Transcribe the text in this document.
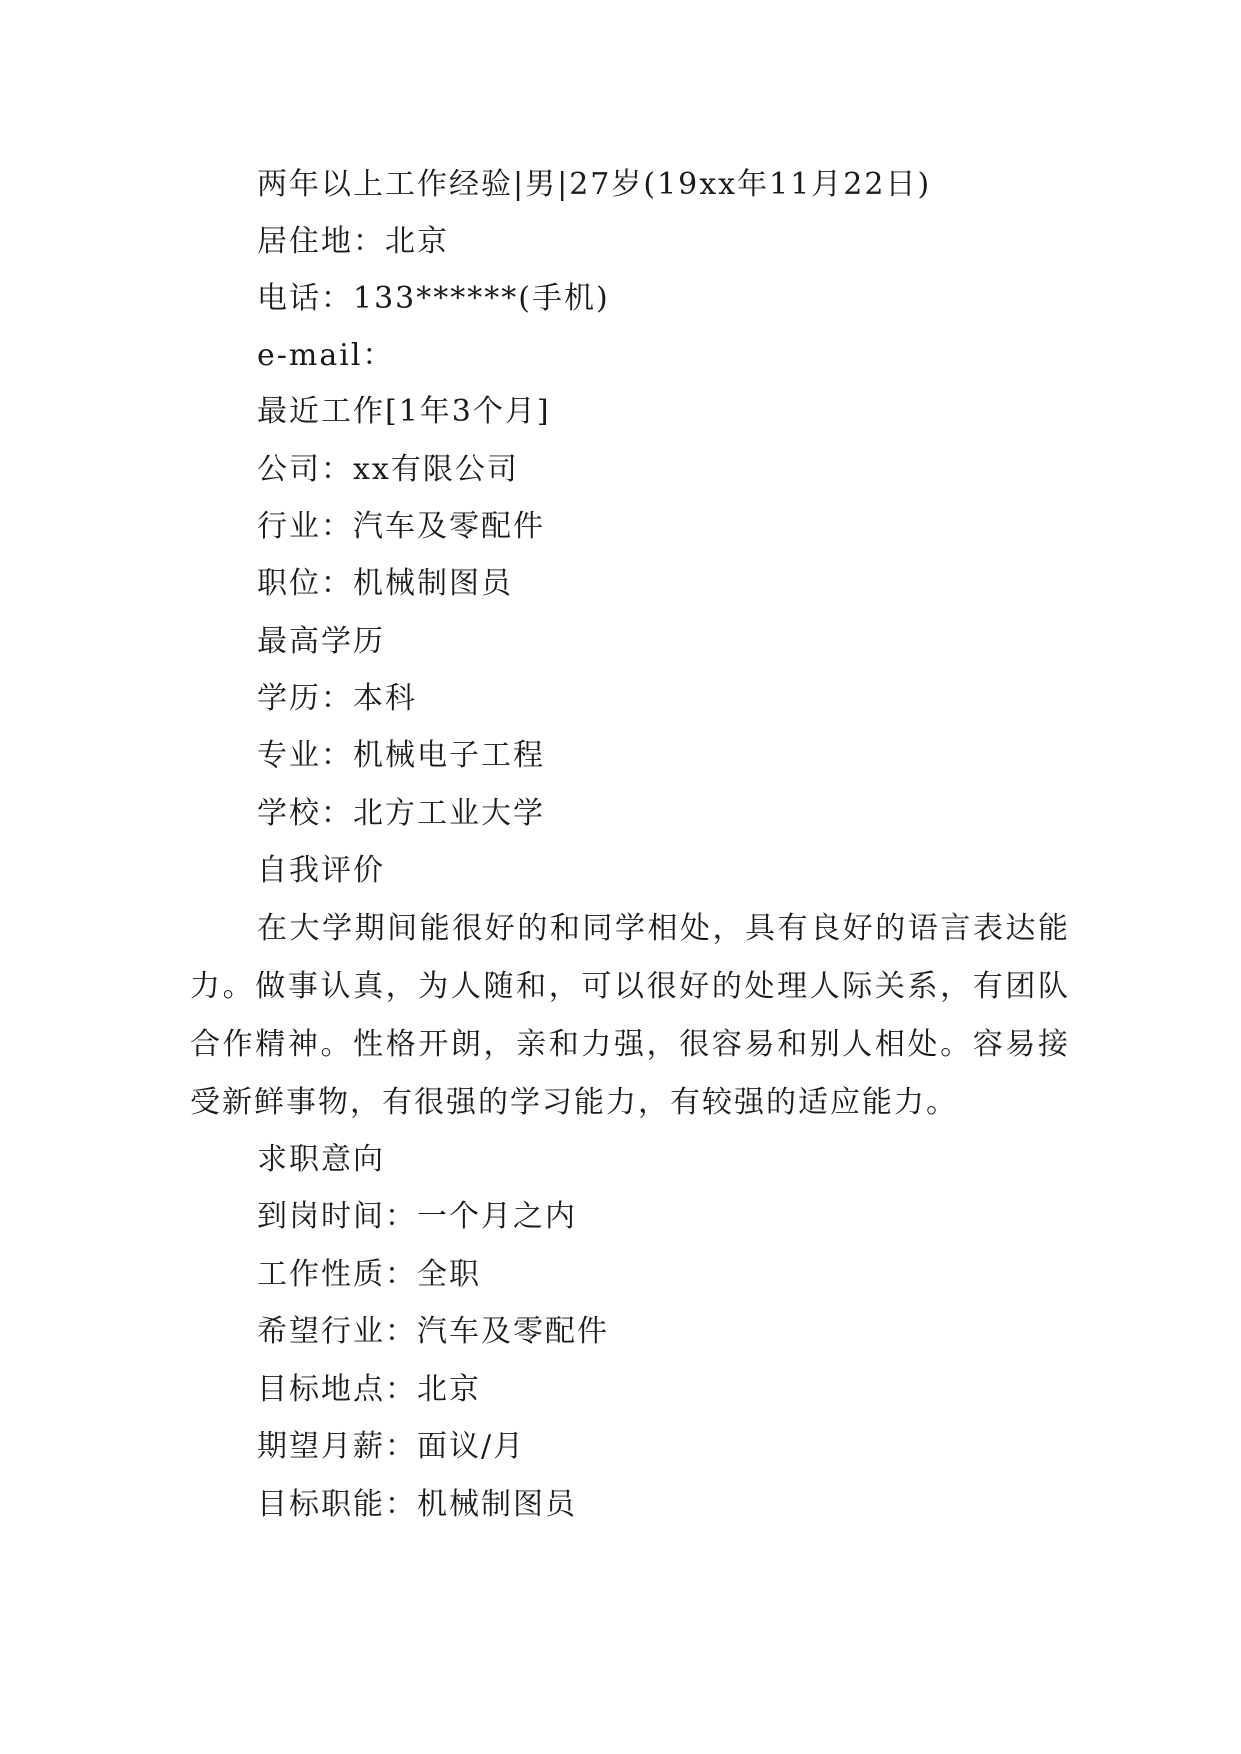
两年以上工作经验|男|27岁(19xx年11月22日)
居住地：北京
电话：133******(手机)
e-mail：
最近工作[1年3个月]
公司：xx有限公司
行业：汽车及零配件
职位：机械制图员
最高学历
学历：本科
专业：机械电子工程
学校：北方工业大学
自我评价
在大学期间能很好的和同学相处，具有良好的语言表达能力。做事认真，为人随和，可以很好的处理人际关系，有团队合作精神。性格开朗，亲和力强，很容易和别人相处。容易接受新鲜事物，有很强的学习能力，有较强的适应能力。
求职意向
到岗时间：一个月之内
工作性质：全职
希望行业：汽车及零配件
目标地点：北京
期望月薪：面议/月
目标职能：机械制图员
